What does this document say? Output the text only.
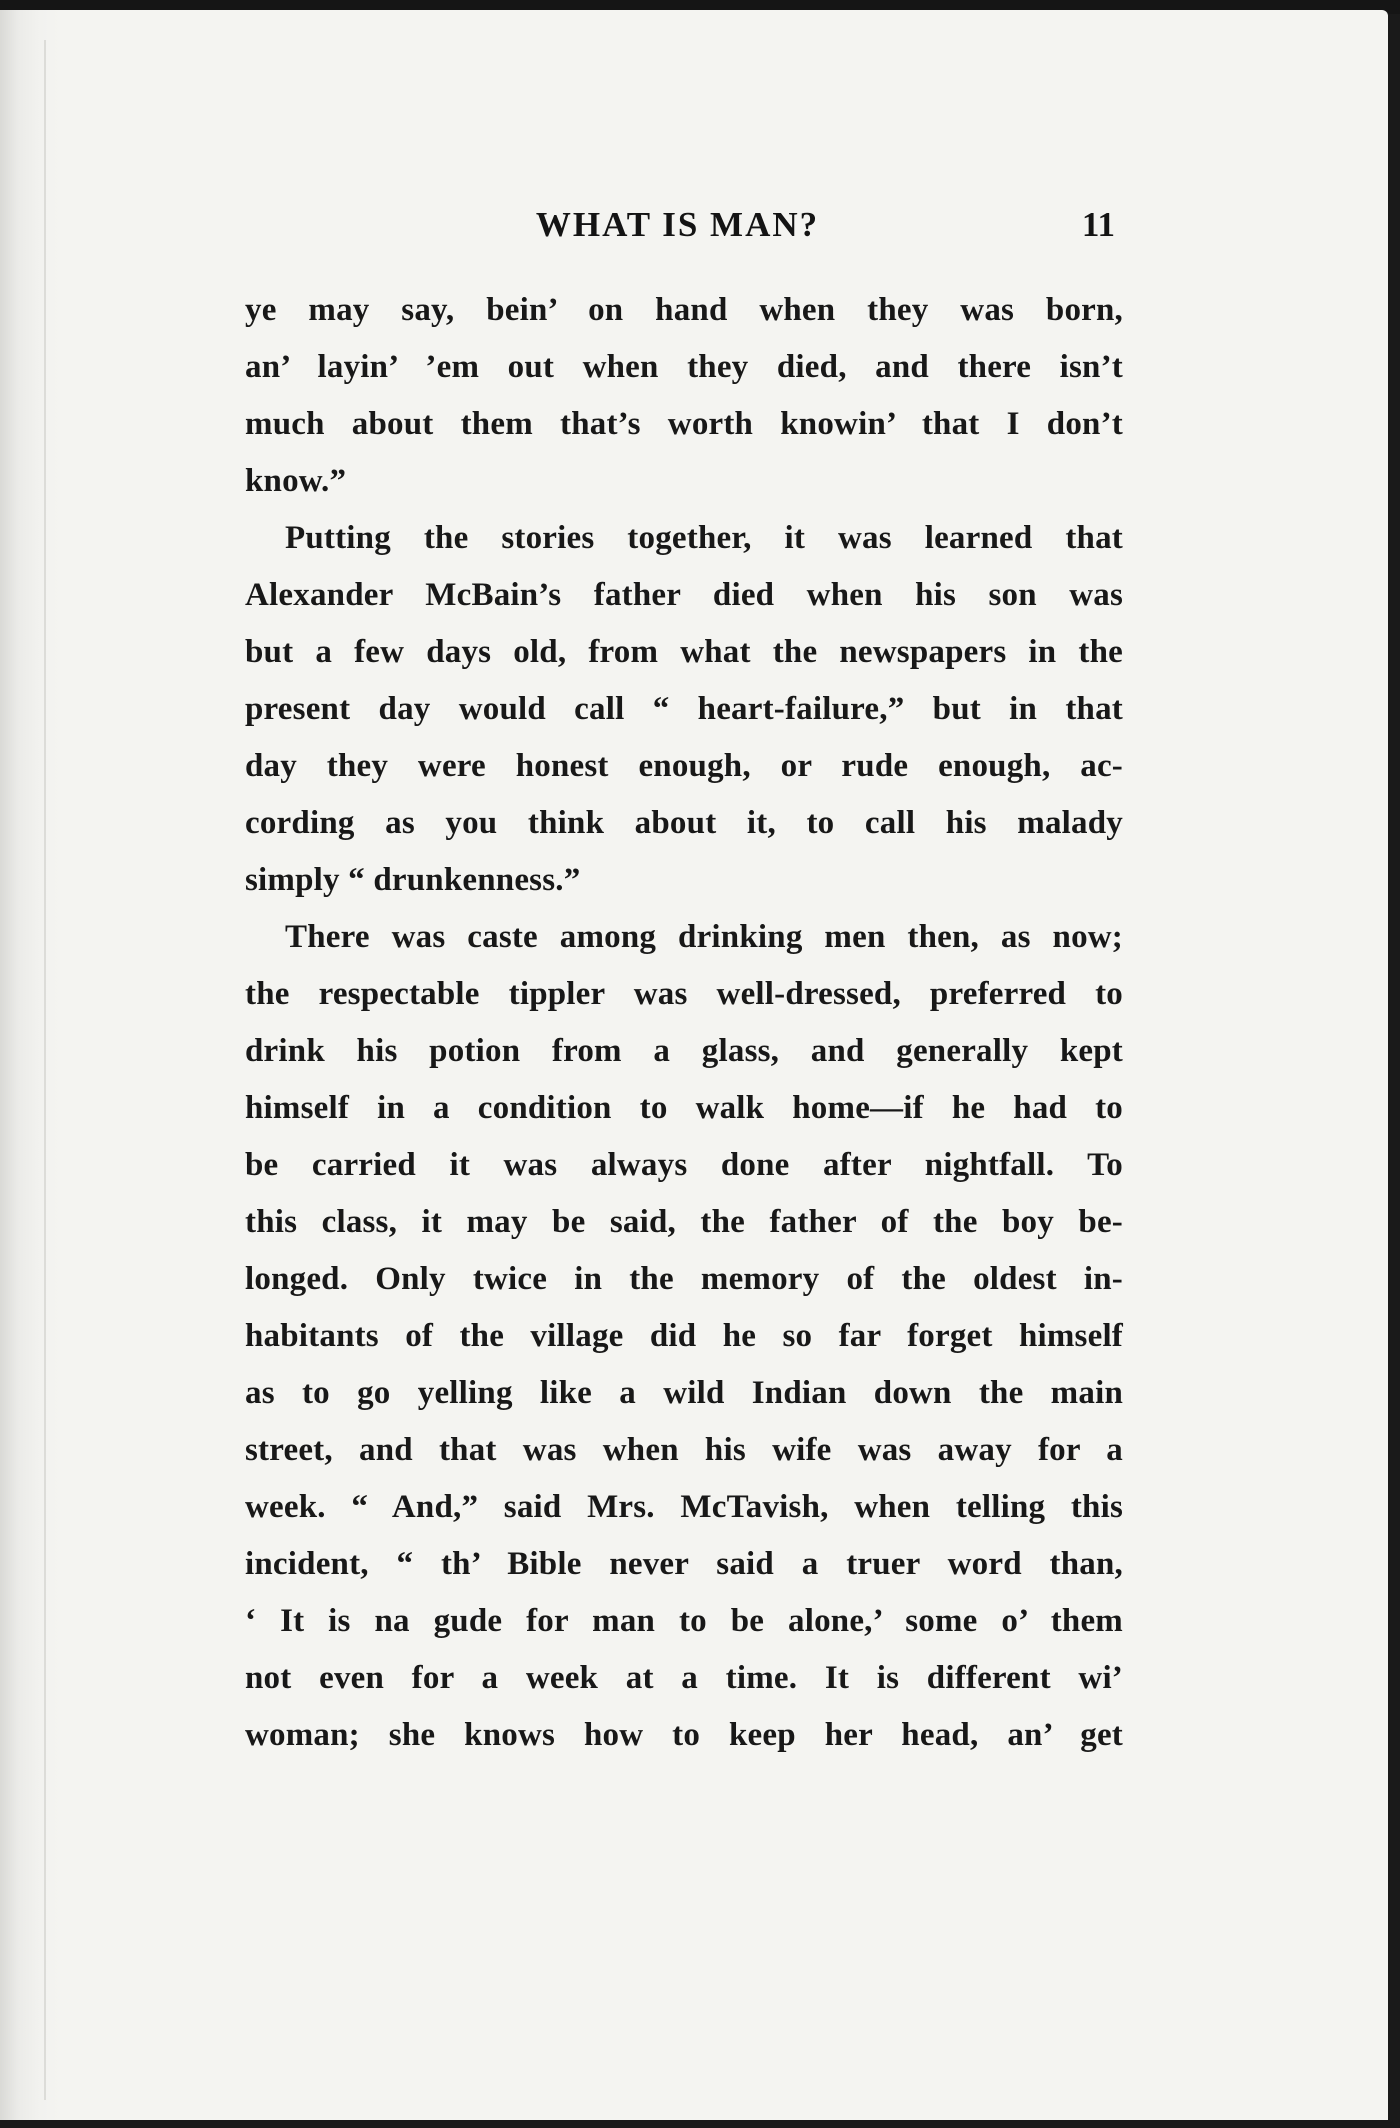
WHAT IS MAN?	11
ye may say, bein’ on hand when they was born,
an’ layin’ ’em out when they died, and there isn’t
much about them that’s worth knowin’ that I don’t
know.”
Putting the stories together, it was learned that
Alexander McBain’s father died when his son was
but a few days old, from what the newspapers in the
present day would call “ heart-failure,” but in that
day they were honest enough, or rude enough, ac-
cording as you think about it, to call his malady
simply “ drunkenness.”
There was caste among drinking men then, as now;
the respectable tippler was well-dressed, preferred to
drink his potion from a glass, and generally kept
himself in a condition to walk home—if he had to
be carried it was always done after nightfall. To
this class, it may be said, the father of the boy be-
longed. Only twice in the memory of the oldest in-
habitants of the village did he so far forget himself
as to go yelling like a wild Indian down the main
street, and that was when his wife was away for a
week. “ And,” said Mrs. McTavish, when telling this
incident, “ th’ Bible never said a truer word than,
‘ It is na gude for man to be alone,’ some o’ them
not even for a week at a time. It is different wi’
woman; she knows how to keep her head, an’ get
